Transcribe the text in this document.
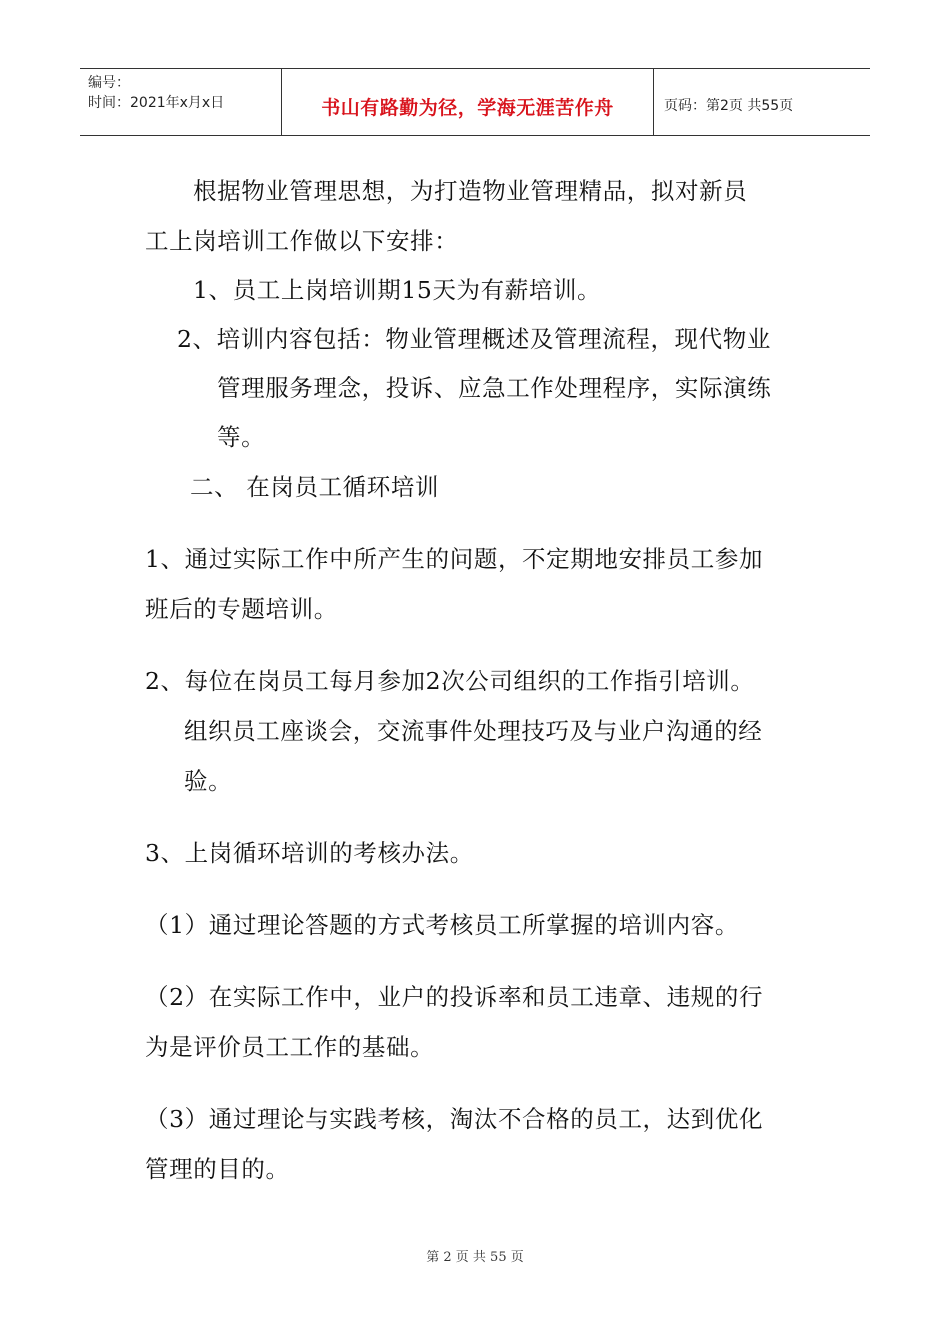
编号：
时间：2021年x月x日	书山有路勤为径，学海无涯苦作舟	页码：第2页 共55页
根据物业管理思想，为打造物业管理精品，拟对新员
工上岗培训工作做以下安排：
1、员工上岗培训期15天为有薪培训。
2、培训内容包括：物业管理概述及管理流程，现代物业
管理服务理念，投诉、应急工作处理程序，实际演练
等。
二、 在岗员工循环培训
1、通过实际工作中所产生的问题，不定期地安排员工参加
班后的专题培训。
2、每位在岗员工每月参加2次公司组织的工作指引培训。
组织员工座谈会，交流事件处理技巧及与业户沟通的经
验。
3、上岗循环培训的考核办法。
（1）通过理论答题的方式考核员工所掌握的培训内容。
（2）在实际工作中，业户的投诉率和员工违章、违规的行
为是评价员工工作的基础。
（3）通过理论与实践考核，淘汰不合格的员工，达到优化
管理的目的。
第 2 页 共 55 页
